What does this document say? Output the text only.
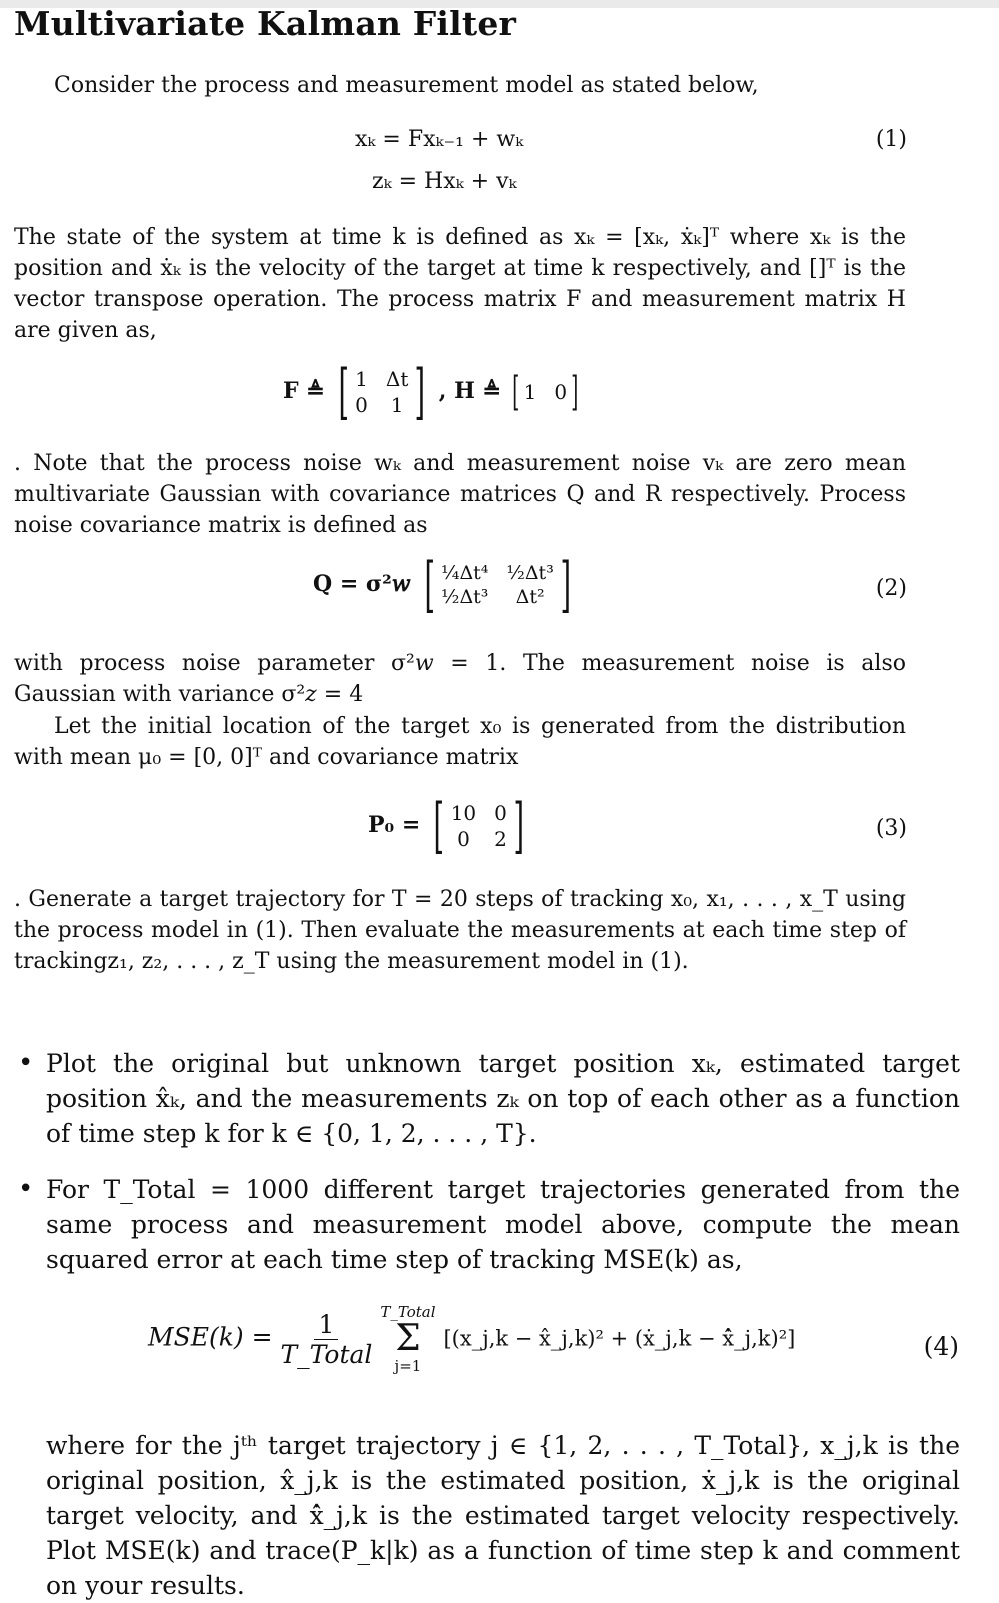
Multivariate Kalman Filter
Consider the process and measurement model as stated below,
xₖ = Fxₖ₋₁ + wₖ
zₖ = Hxₖ + vₖ
(1)
The state of the system at time k is defined as xₖ = [xₖ, ẋₖ]ᵀ where xₖ is the position and ẋₖ is the velocity of the target at time k respectively, and []ᵀ is the vector transpose operation. The process matrix F and measurement matrix H are given as,
F ≜ [ 1 Δt
0 1 ] , H ≜ [ 1 0 ]
. Note that the process noise wₖ and measurement noise vₖ are zero mean multivariate Gaussian with covariance matrices Q and R respectively. Process noise covariance matrix is defined as
Q = σ²𝑤 [ ¼Δt⁴ ½Δt³
½Δt³	Δt² ]	(2)
with process noise parameter σ²𝑤 = 1. The measurement noise is also Gaussian with variance σ²𝑧 = 4
Let the initial location of the target x₀ is generated from the distribution with mean μ₀ = [0, 0]ᵀ and covariance matrix
P₀ = [ 10 0
0	2 ]	(3)
. Generate a target trajectory for T = 20 steps of tracking x₀, x₁, . . . , x_T using the process model in (1). Then evaluate the measurements at each time step of trackingz₁, z₂, . . . , z_T using the measurement model in (1).
• Plot the original but unknown target position xₖ, estimated target position x̂ₖ, and the measurements zₖ on top of each other as a function of time step k for k ∈ {0, 1, 2, . . . , T}.
• For T_Total = 1000 different target trajectories generated from the same process and measurement model above, compute the mean squared error at each time step of tracking MSE(k) as,
$MSE(k) = \frac{1}{\text{T\_Total}}$
T_Total
Σ
j=1
[(x_j,k − x̂_j,k)² + (ẋ_j,k − x̂̇_j,k)²]	(4)
where for the jᵗʰ target trajectory j ∈ {1, 2, . . . , T_Total}, x_j,k is the original position, x̂_j,k is the estimated position, ẋ_j,k is the original target velocity, and x̂̇_j,k is the estimated target velocity respectively. Plot MSE(k) and trace(P_k|k) as a function of time step k and comment on your results.
